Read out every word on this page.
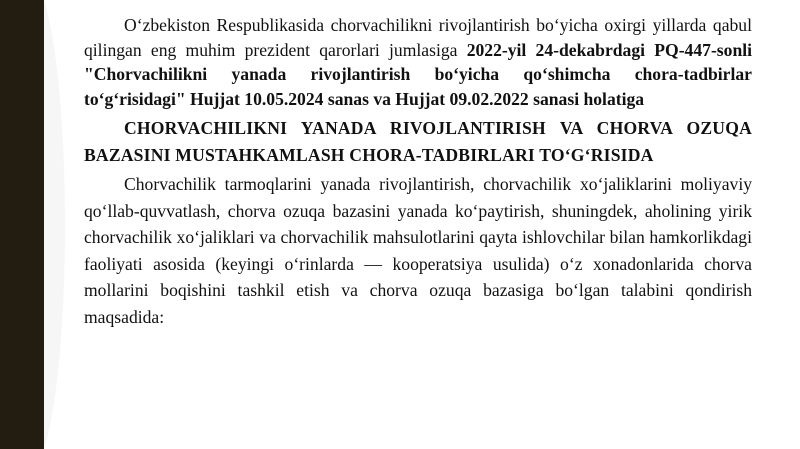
O‘zbekiston Respublikasida chorvachilikni rivojlantirish bo‘yicha oxirgi yillarda qabul qilingan eng muhim prezident qarorlari jumlasiga 2022-yil 24-dekabrdagi PQ-447-sonli "Chorvachilikni yanada rivojlantirish bo‘yicha qo‘shimcha chora-tadbirlar to‘g‘risidagi" Hujjat 10.05.2024 sanas va Hujjat 09.02.2022 sanasi holatiga

CHORVACHILIKNI YANADA RIVOJLANTIRISH VA CHORVA OZUQA BAZASINI MUSTAHKAMLASH CHORA-TADBIRLARI TO‘G‘RISIDA

Chorvachilik tarmoqlarini yanada rivojlantirish, chorvachilik xo‘jaliklarini moliyaviy qo‘llab-quvvatlash, chorva ozuqa bazasini yanada ko‘paytirish, shuningdek, aholining yirik chorvachilik xo‘jaliklari va chorvachilik mahsulotlarini qayta ishlovchilar bilan hamkorlikdagi faoliyati asosida (keyingi o‘rinlarda — kooperatsiya usulida) o‘z xonadonlarida chorva mollarini boqishini tashkil etish va chorva ozuqa bazasiga bo‘lgan talabini qondirish maqsadida:
